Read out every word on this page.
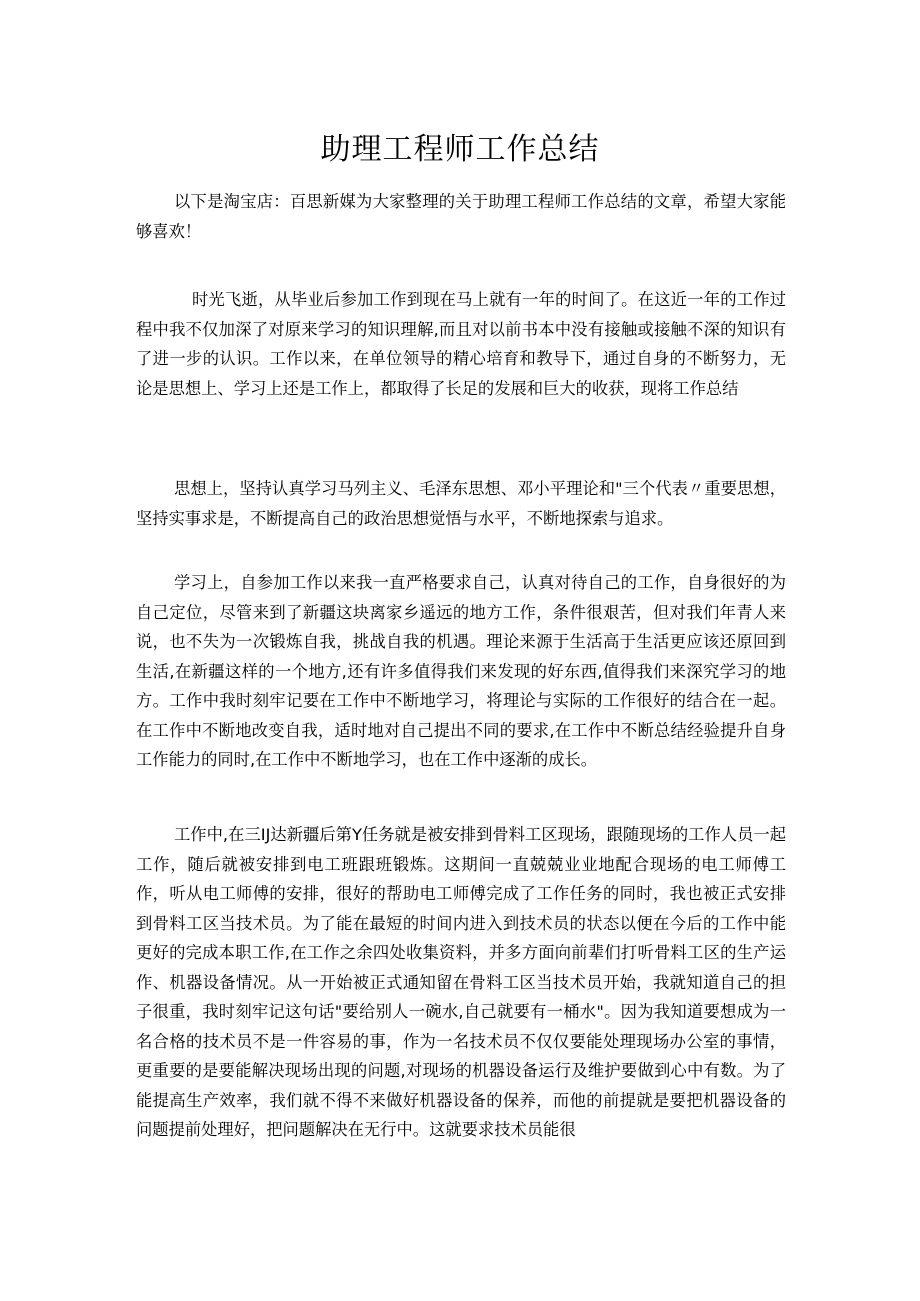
助理工程师工作总结

以下是淘宝店：百思新媒为大家整理的关于助理工程师工作总结的文章，希望大家能够喜欢！

时光飞逝，从毕业后参加工作到现在马上就有一年的时间了。在这近一年的工作过程中我不仅加深了对原来学习的知识理解,而且对以前书本中没有接触或接触不深的知识有了进一步的认识。工作以来，在单位领导的精心培育和教导下，通过自身的不断努力，无论是思想上、学习上还是工作上，都取得了长足的发展和巨大的收获，现将工作总结

思想上，坚持认真学习马列主义、毛泽东思想、邓小平理论和"三个代表〃重要思想，坚持实事求是，不断提高自己的政治思想觉悟与水平，不断地探索与追求。

学习上，自参加工作以来我一直严格要求自己，认真对待自己的工作，自身很好的为自己定位，尽管来到了新疆这块离家乡遥远的地方工作，条件很艰苦，但对我们年青人来说，也不失为一次锻炼自我，挑战自我的机遇。理论来源于生活高于生活更应该还原回到生活,在新疆这样的一个地方,还有许多值得我们来发现的好东西,值得我们来深究学习的地方。工作中我时刻牢记要在工作中不断地学习，将理论与实际的工作很好的结合在一起。在工作中不断地改变自我，适时地对自己提出不同的要求,在工作中不断总结经验提升自身工作能力的同时,在工作中不断地学习，也在工作中逐渐的成长。

工作中,在三IJ达新疆后第Y任务就是被安排到骨料工区现场，跟随现场的工作人员一起工作，随后就被安排到电工班跟班锻炼。这期间一直兢兢业业地配合现场的电工师傅工作，听从电工师傅的安排，很好的帮助电工师傅完成了工作任务的同时，我也被正式安排到骨料工区当技术员。为了能在最短的时间内进入到技术员的状态以便在今后的工作中能更好的完成本职工作,在工作之余四处收集资料，并多方面向前辈们打听骨料工区的生产运作、机器设备情况。从一开始被正式通知留在骨料工区当技术员开始，我就知道自己的担子很重，我时刻牢记这句话"要给别人一碗水,自己就要有一桶水"。因为我知道要想成为一名合格的技术员不是一件容易的事，作为一名技术员不仅仅要能处理现场办公室的事情，更重要的是要能解决现场出现的问题,对现场的机器设备运行及维护要做到心中有数。为了能提高生产效率，我们就不得不来做好机器设备的保养，而他的前提就是要把机器设备的问题提前处理好，把问题解决在无行中。这就要求技术员能很
